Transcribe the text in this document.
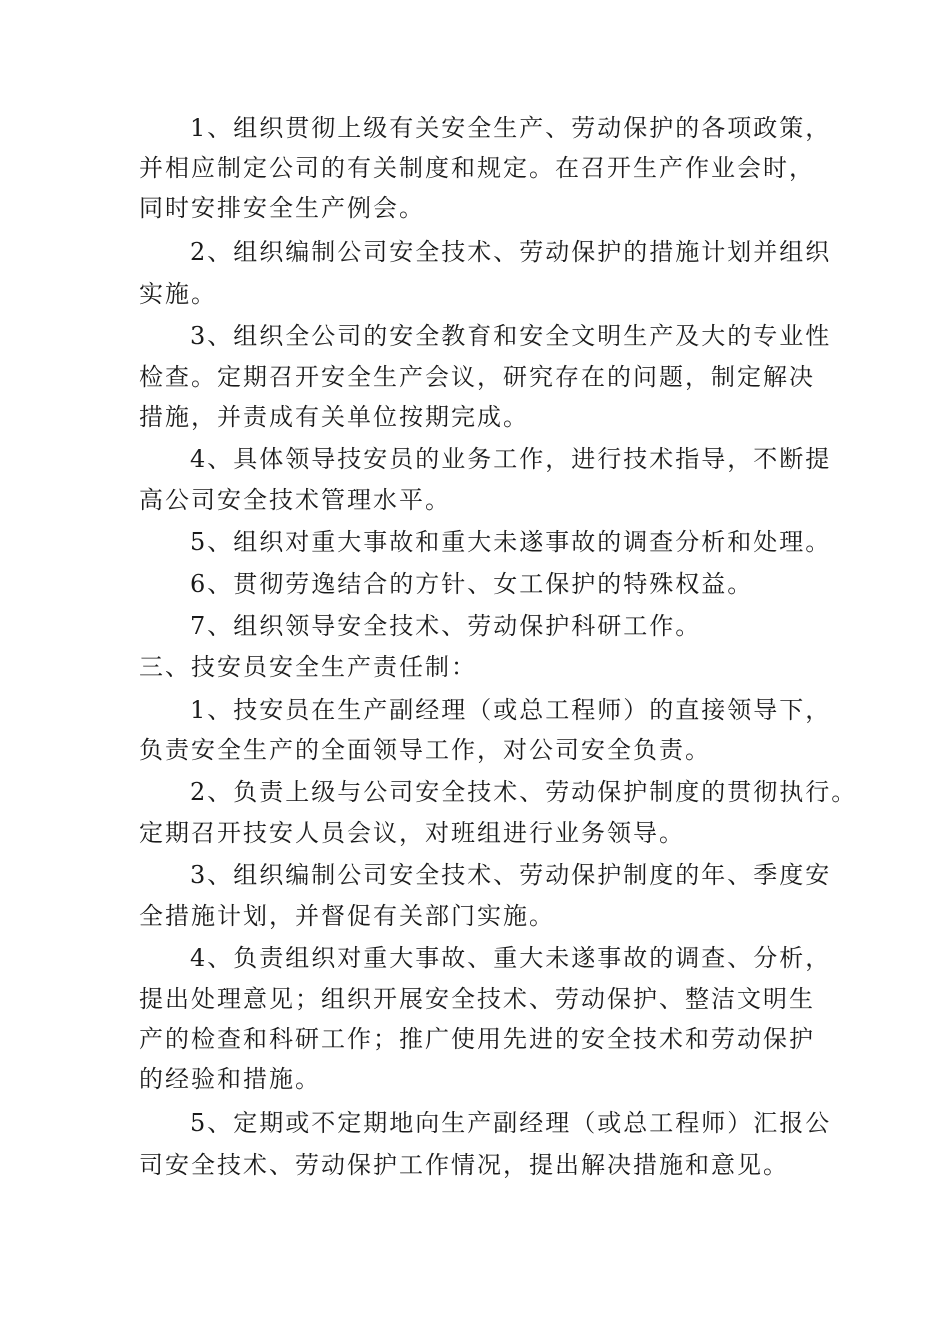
1、组织贯彻上级有关安全生产、劳动保护的各项政策，
并相应制定公司的有关制度和规定。在召开生产作业会时，
同时安排安全生产例会。
2、组织编制公司安全技术、劳动保护的措施计划并组织
实施。
3、组织全公司的安全教育和安全文明生产及大的专业性
检查。定期召开安全生产会议，研究存在的问题，制定解决
措施，并责成有关单位按期完成。
4、具体领导技安员的业务工作，进行技术指导，不断提
高公司安全技术管理水平。
5、组织对重大事故和重大未遂事故的调查分析和处理。
6、贯彻劳逸结合的方针、女工保护的特殊权益。
7、组织领导安全技术、劳动保护科研工作。
三、技安员安全生产责任制：
1、技安员在生产副经理（或总工程师）的直接领导下，
负责安全生产的全面领导工作，对公司安全负责。
2、负责上级与公司安全技术、劳动保护制度的贯彻执行。
定期召开技安人员会议，对班组进行业务领导。
3、组织编制公司安全技术、劳动保护制度的年、季度安
全措施计划，并督促有关部门实施。
4、负责组织对重大事故、重大未遂事故的调查、分析，
提出处理意见；组织开展安全技术、劳动保护、整洁文明生
产的检查和科研工作；推广使用先进的安全技术和劳动保护
的经验和措施。
5、定期或不定期地向生产副经理（或总工程师）汇报公
司安全技术、劳动保护工作情况，提出解决措施和意见。
